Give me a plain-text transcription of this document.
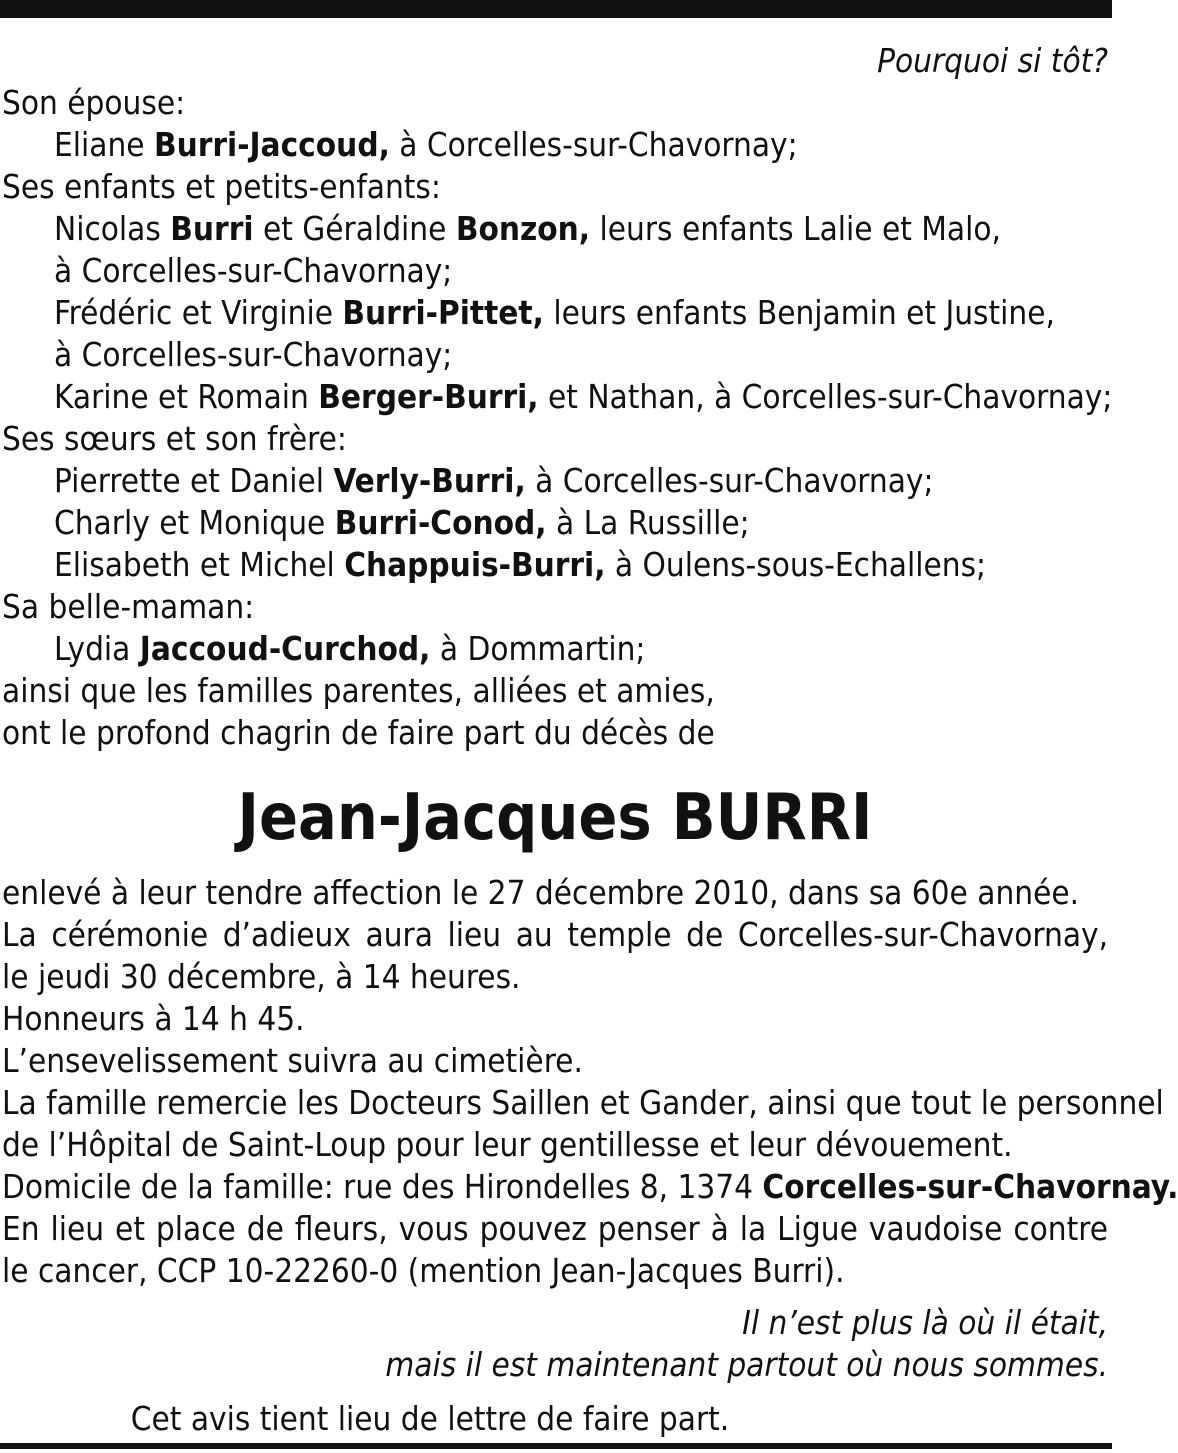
Pourquoi si tôt?
Son épouse:
Eliane Burri-Jaccoud, à Corcelles-sur-Chavornay;
Ses enfants et petits-enfants:
Nicolas Burri et Géraldine Bonzon, leurs enfants Lalie et Malo,
à Corcelles-sur-Chavornay;
Frédéric et Virginie Burri-Pittet, leurs enfants Benjamin et Justine,
à Corcelles-sur-Chavornay;
Karine et Romain Berger-Burri, et Nathan, à Corcelles-sur-Chavornay;
Ses sœurs et son frère:
Pierrette et Daniel Verly-Burri, à Corcelles-sur-Chavornay;
Charly et Monique Burri-Conod, à La Russille;
Elisabeth et Michel Chappuis-Burri, à Oulens-sous-Echallens;
Sa belle-maman:
Lydia Jaccoud-Curchod, à Dommartin;
ainsi que les familles parentes, alliées et amies,
ont le profond chagrin de faire part du décès de
Jean-Jacques BURRI
enlevé à leur tendre affection le 27 décembre 2010, dans sa 60e année.
La cérémonie d’adieux aura lieu au temple de Corcelles-sur-Chavornay,
le jeudi 30 décembre, à 14 heures.
Honneurs à 14 h 45.
L’ensevelissement suivra au cimetière.
La famille remercie les Docteurs Saillen et Gander, ainsi que tout le personnel
de l’Hôpital de Saint-Loup pour leur gentillesse et leur dévouement.
Domicile de la famille: rue des Hirondelles 8, 1374 Corcelles-sur-Chavornay.
En lieu et place de fleurs, vous pouvez penser à la Ligue vaudoise contre
le cancer, CCP 10-22260-0 (mention Jean-Jacques Burri).
Il n’est plus là où il était,
mais il est maintenant partout où nous sommes.
Cet avis tient lieu de lettre de faire part.
